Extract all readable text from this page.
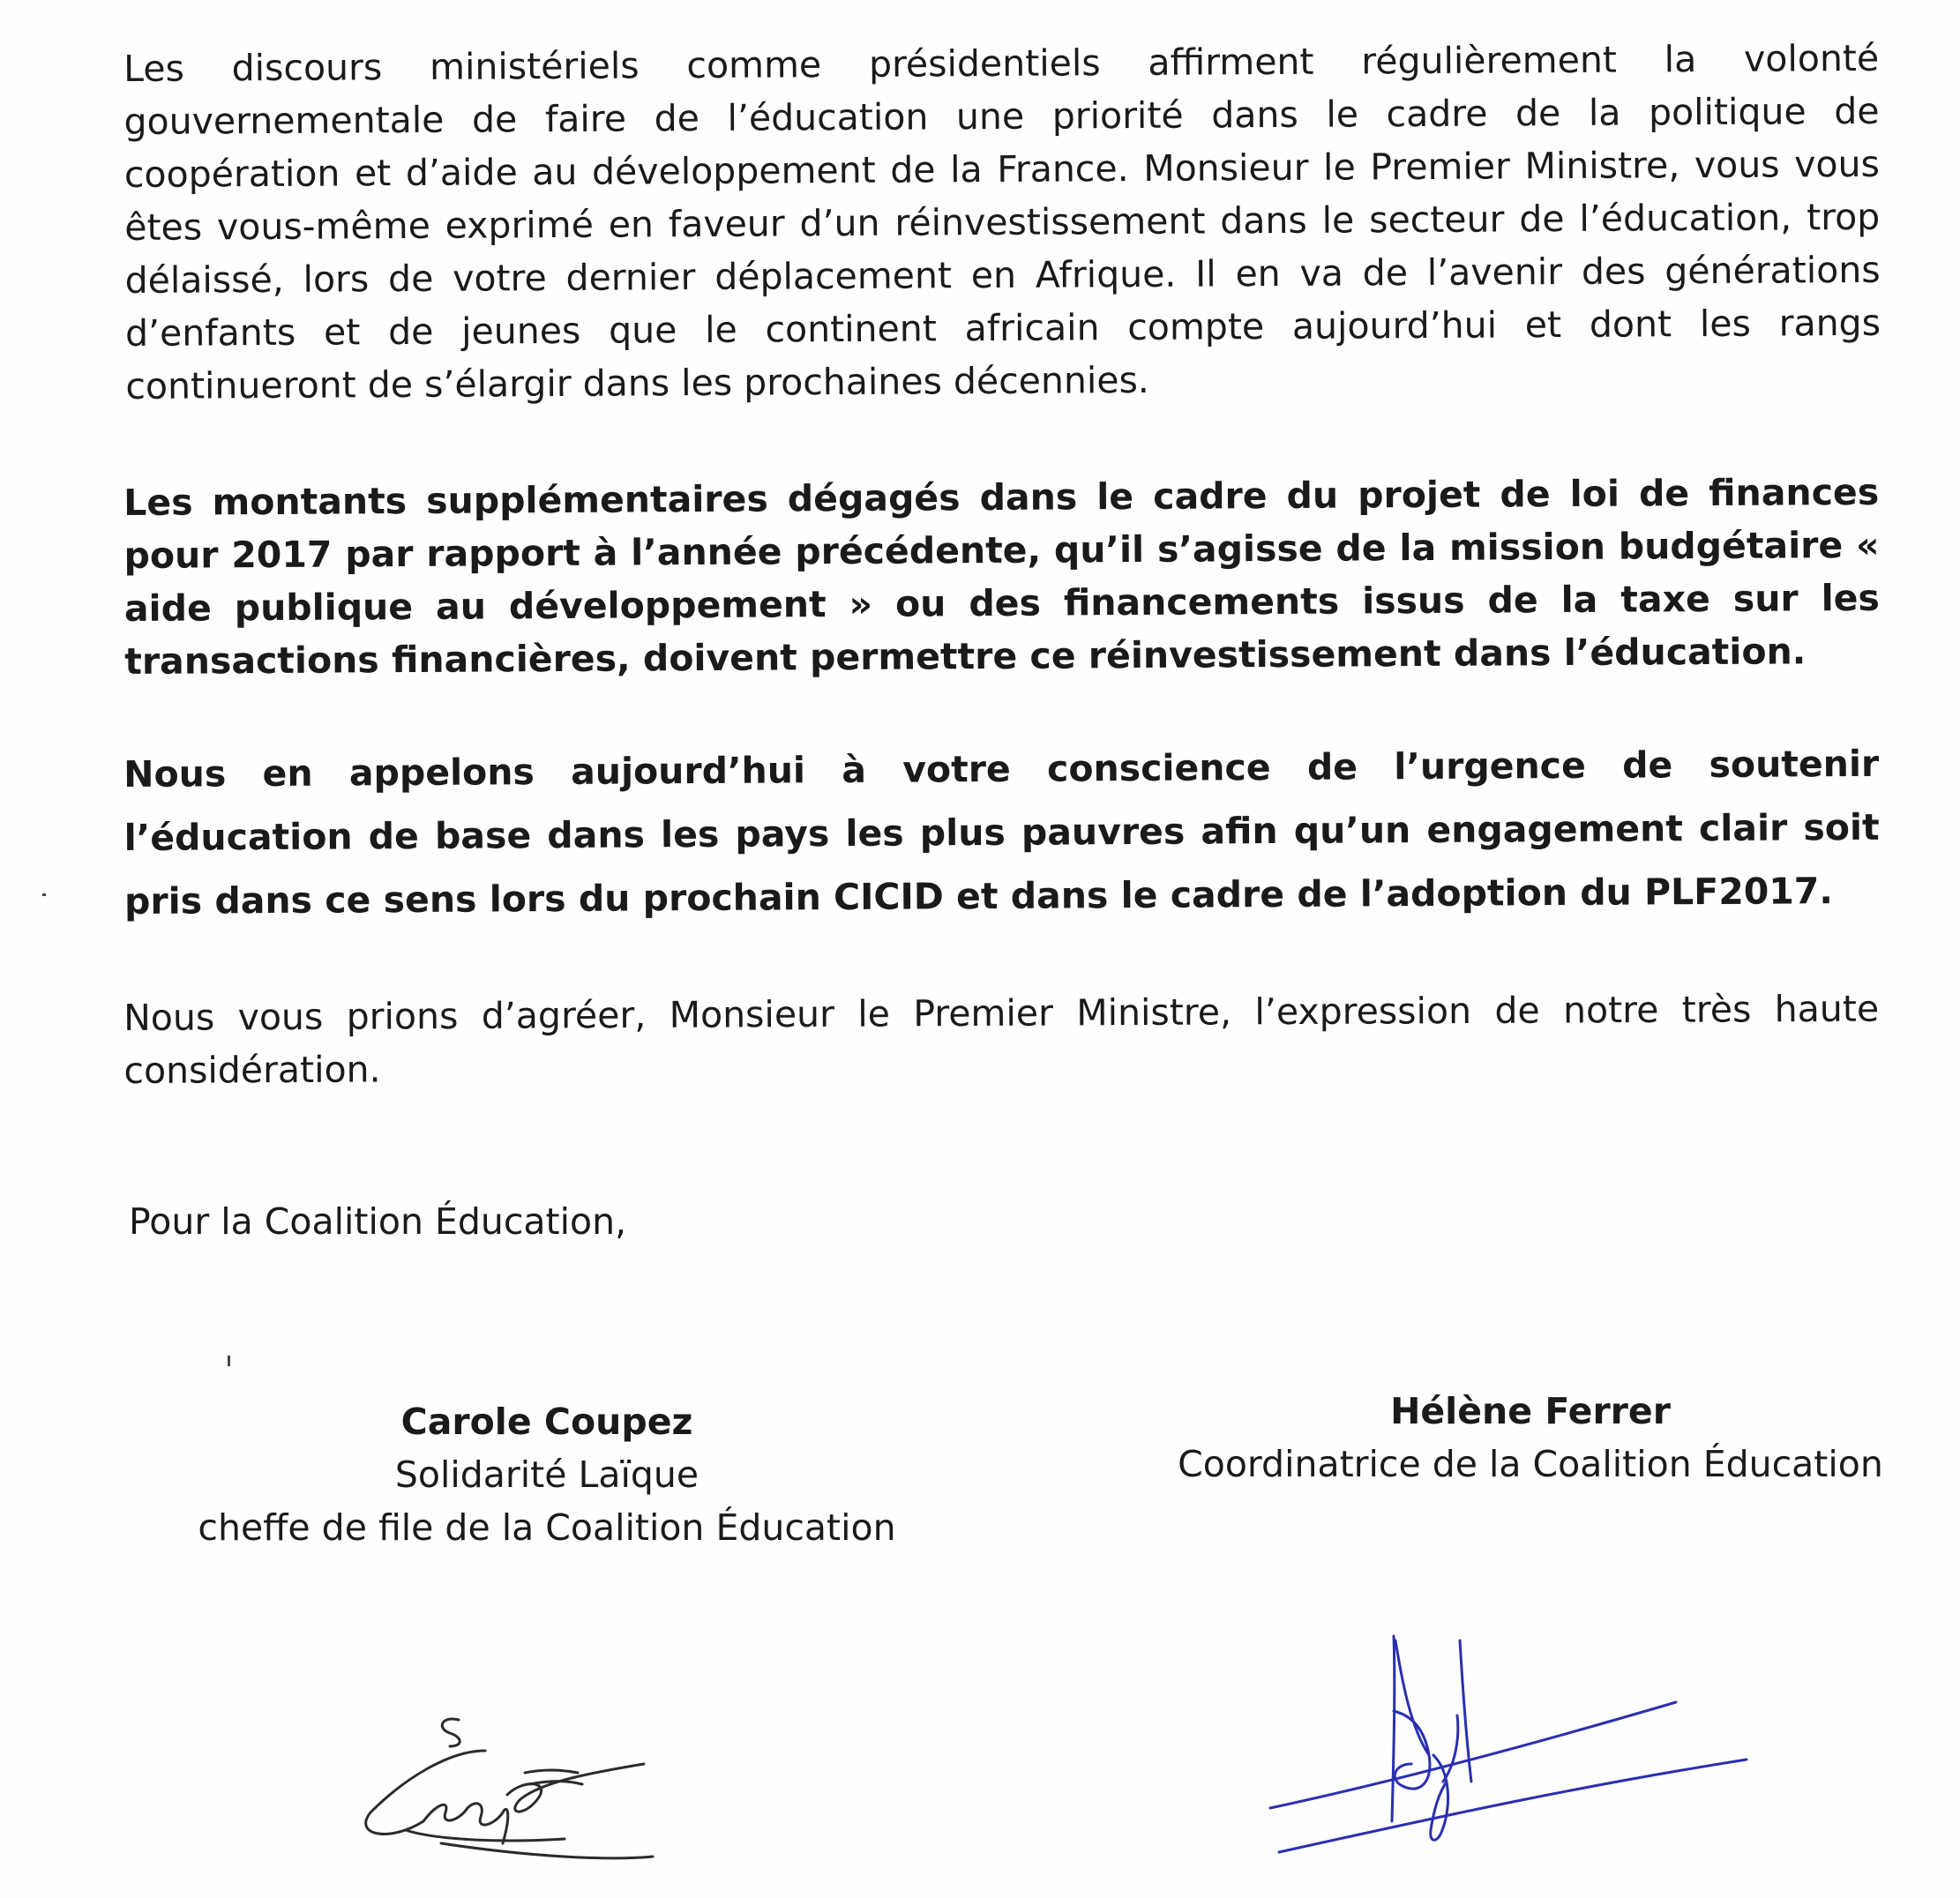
Les discours ministériels comme présidentiels affirment régulièrement la volonté gouvernementale de faire de l’éducation une priorité dans le cadre de la politique de coopération et d’aide au développement de la France. Monsieur le Premier Ministre, vous vous êtes vous-même exprimé en faveur d’un réinvestissement dans le secteur de l’éducation, trop délaissé, lors de votre dernier déplacement en Afrique. Il en va de l’avenir des générations d’enfants et de jeunes que le continent africain compte aujourd’hui et dont les rangs continueront de s’élargir dans les prochaines décennies.

Les montants supplémentaires dégagés dans le cadre du projet de loi de finances pour 2017 par rapport à l’année précédente, qu’il s’agisse de la mission budgétaire « aide publique au développement » ou des financements issus de la taxe sur les transactions financières, doivent permettre ce réinvestissement dans l’éducation.

Nous en appelons aujourd’hui à votre conscience de l’urgence de soutenir l’éducation de base dans les pays les plus pauvres afin qu’un engagement clair soit pris dans ce sens lors du prochain CICID et dans le cadre de l’adoption du PLF2017.

Nous vous prions d’agréer, Monsieur le Premier Ministre, l’expression de notre très haute considération.

Pour la Coalition Éducation,

Carole Coupez
Solidarité Laïque
cheffe de file de la Coalition Éducation
Hélène Ferrer
Coordinatrice de la Coalition Éducation
